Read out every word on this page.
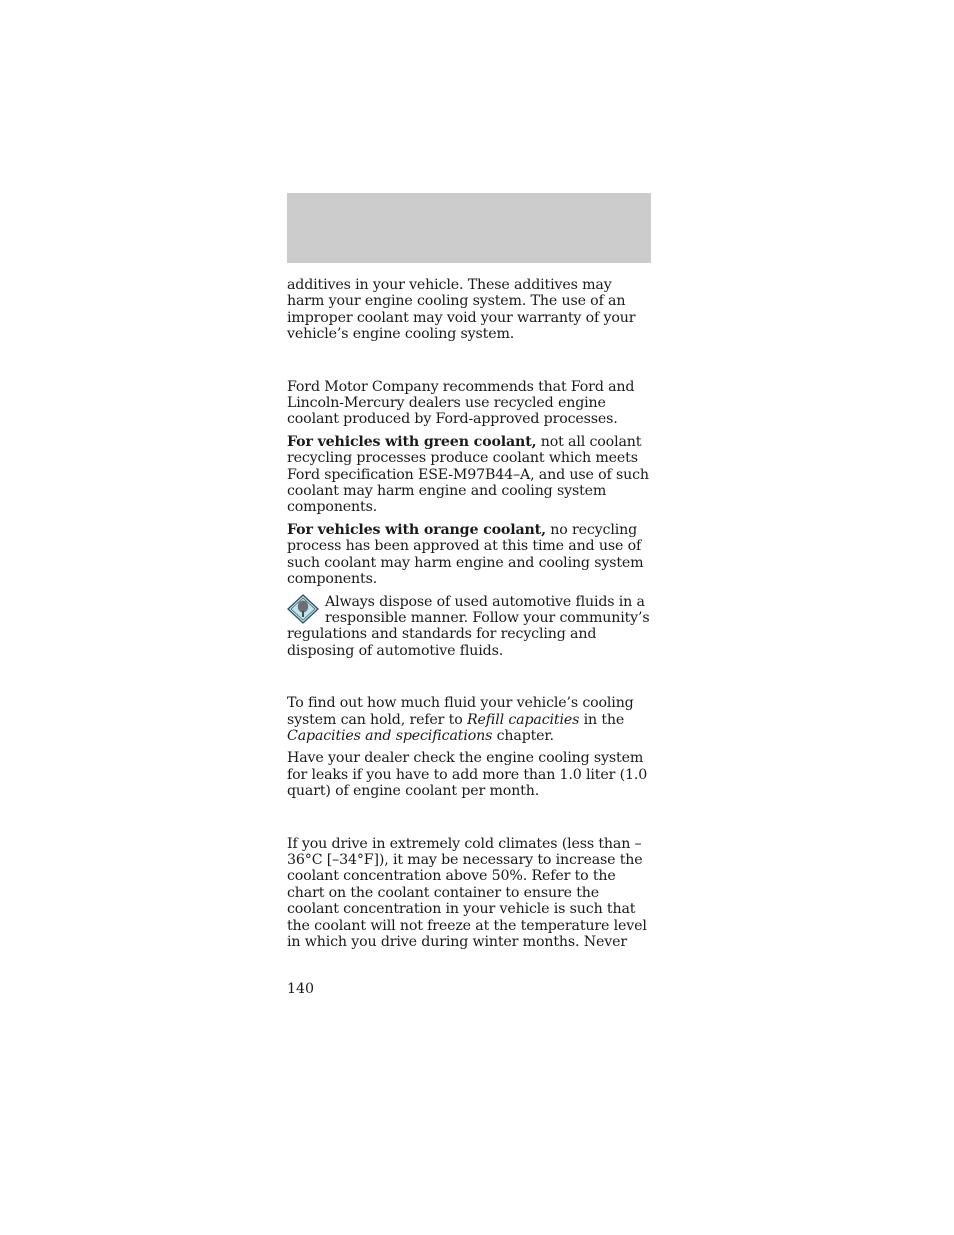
additives in your vehicle. These additives may harm your engine cooling system. The use of an improper coolant may void your warranty of your vehicle’s engine cooling system.

Ford Motor Company recommends that Ford and Lincoln-Mercury dealers use recycled engine coolant produced by Ford-approved processes.

For vehicles with green coolant, not all coolant recycling processes produce coolant which meets Ford specification ESE-M97B44–A, and use of such coolant may harm engine and cooling system components.

For vehicles with orange coolant, no recycling process has been approved at this time and use of such coolant may harm engine and cooling system components.

Always dispose of used automotive fluids in a responsible manner. Follow your community’s regulations and standards for recycling and disposing of automotive fluids.

To find out how much fluid your vehicle’s cooling system can hold, refer to Refill capacities in the Capacities and specifications chapter.

Have your dealer check the engine cooling system for leaks if you have to add more than 1.0 liter (1.0 quart) of engine coolant per month.

If you drive in extremely cold climates (less than –36°C [–34°F]), it may be necessary to increase the coolant concentration above 50%. Refer to the chart on the coolant container to ensure the coolant concentration in your vehicle is such that the coolant will not freeze at the temperature level in which you drive during winter months. Never

140
